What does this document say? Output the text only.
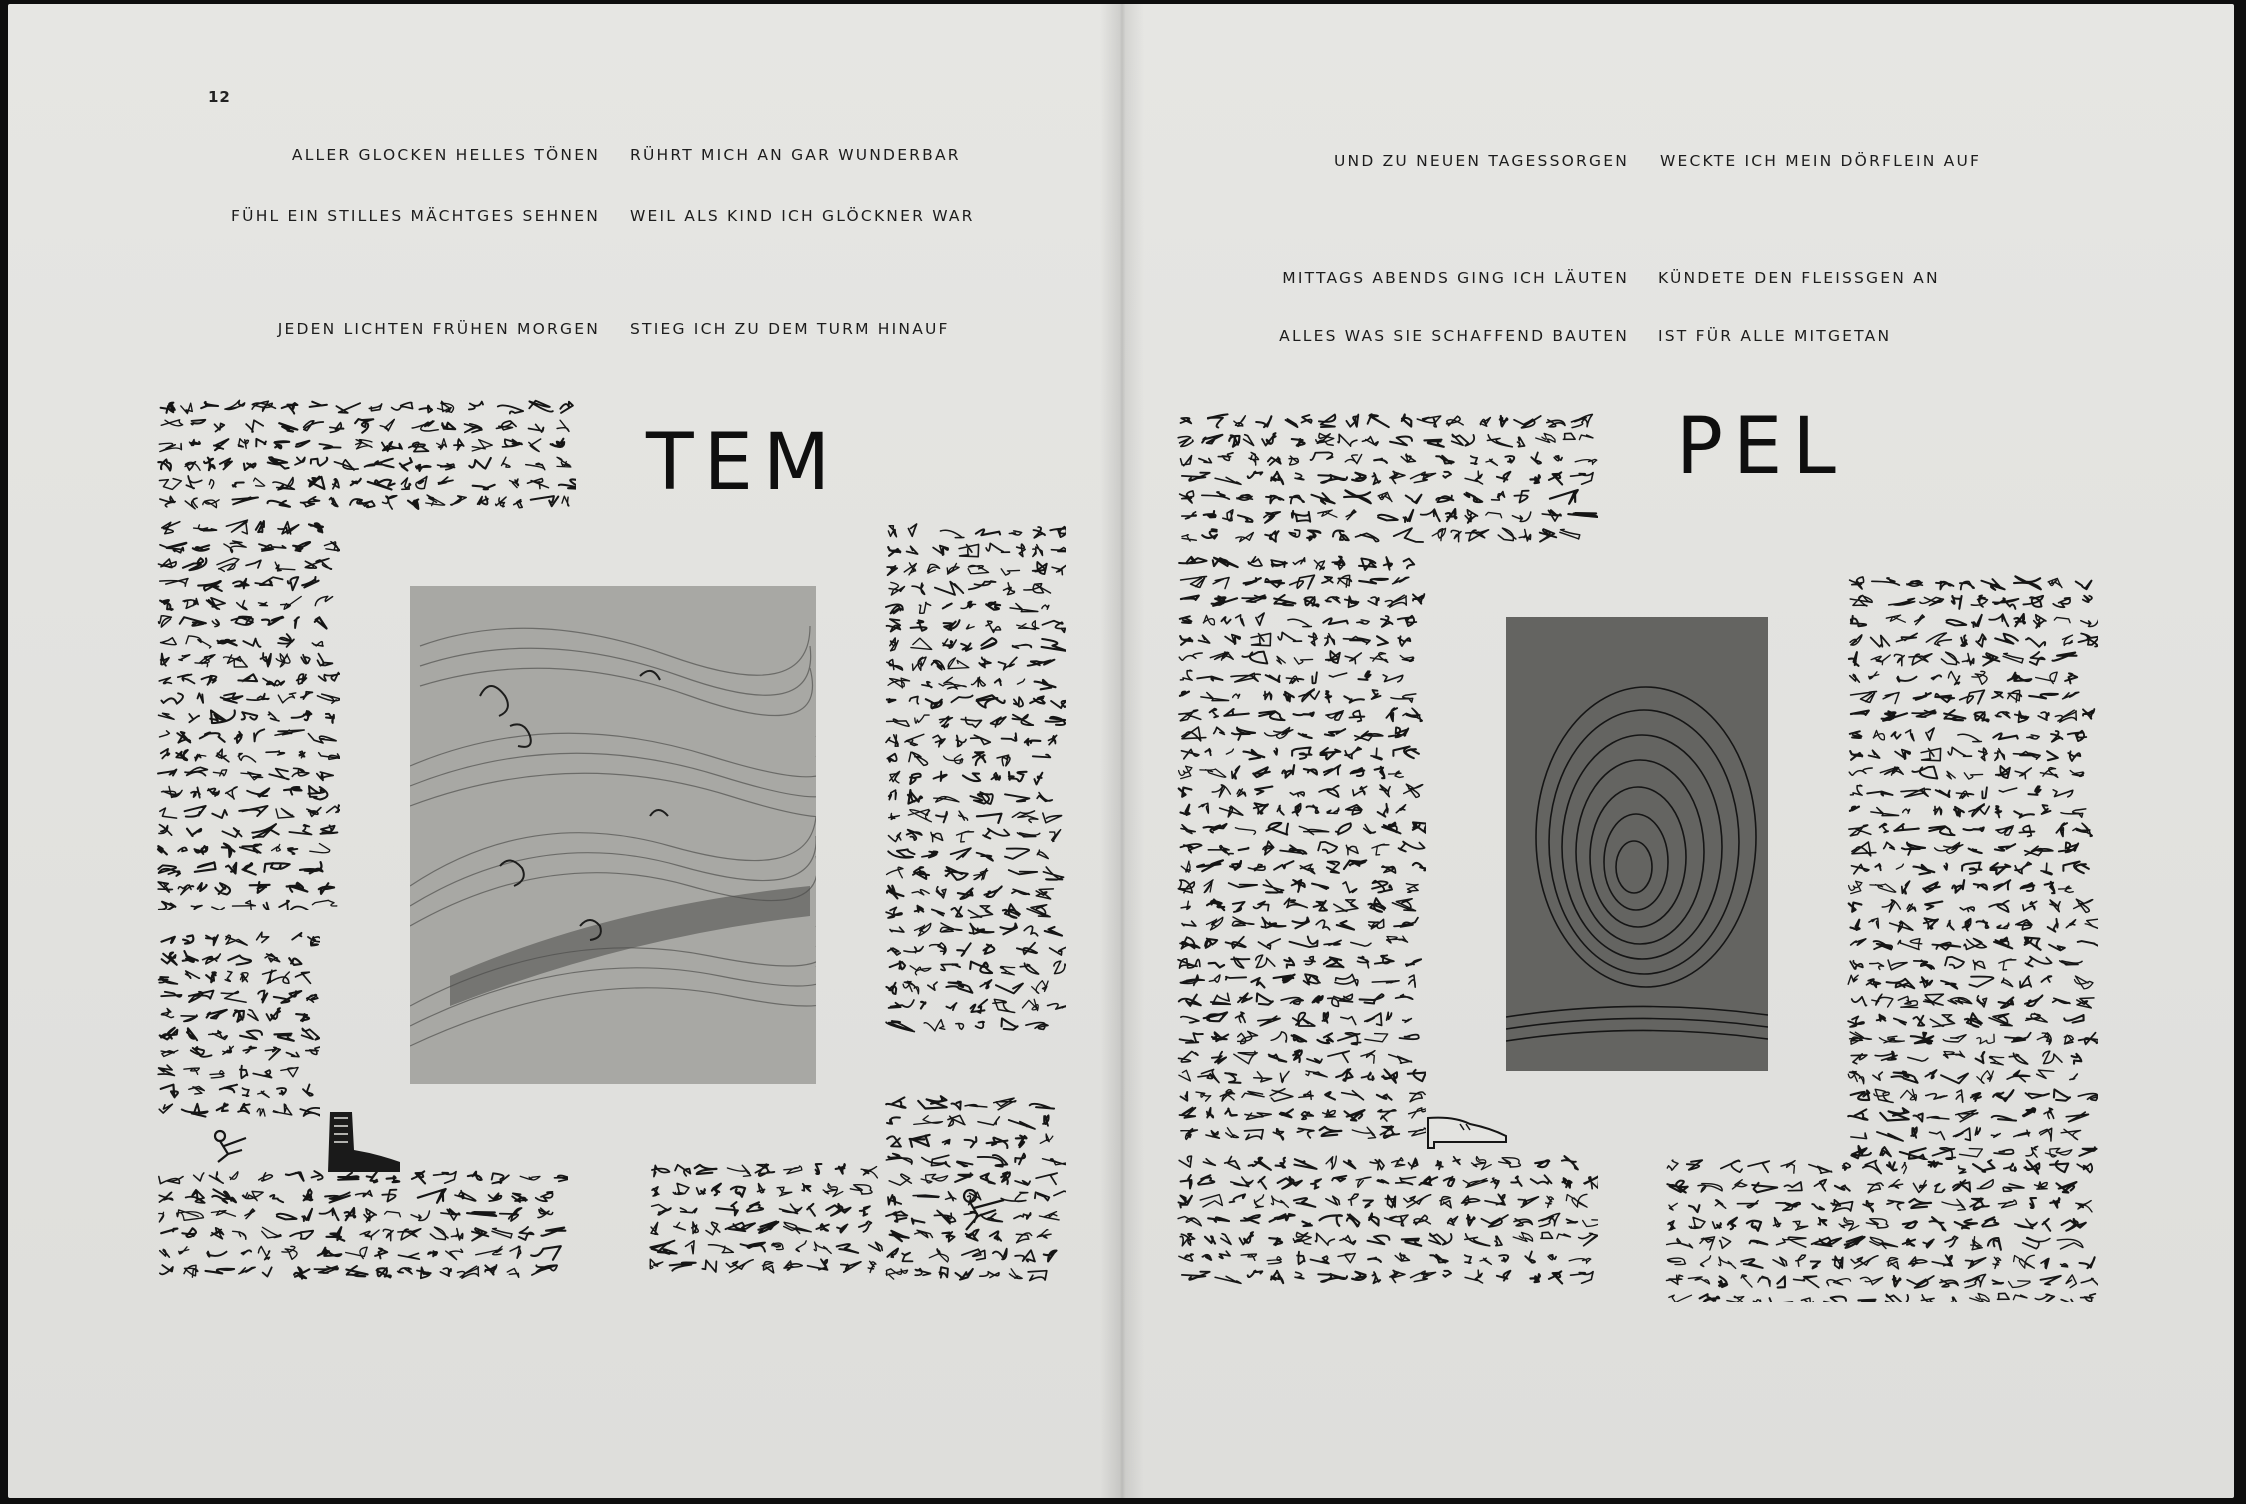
12
ALLER GLOCKEN HELLES TÖNEN RÜHRT MICH AN GAR WUNDERBAR
FÜHL EIN STILLES MÄCHTGES SEHNEN WEIL ALS KIND ICH GLÖCKNER WAR
JEDEN LICHTEN FRÜHEN MORGEN STIEG ICH ZU DEM TURM HINAUF
UND ZU NEUEN TAGESSORGEN WECKTE ICH MEIN DÖRFLEIN AUF
MITTAGS ABENDS GING ICH LÄUTEN KÜNDETE DEN FLEISSGEN AN
ALLES WAS SIE SCHAFFEND BAUTEN IST FÜR ALLE MITGETAN
TEM	PEL
